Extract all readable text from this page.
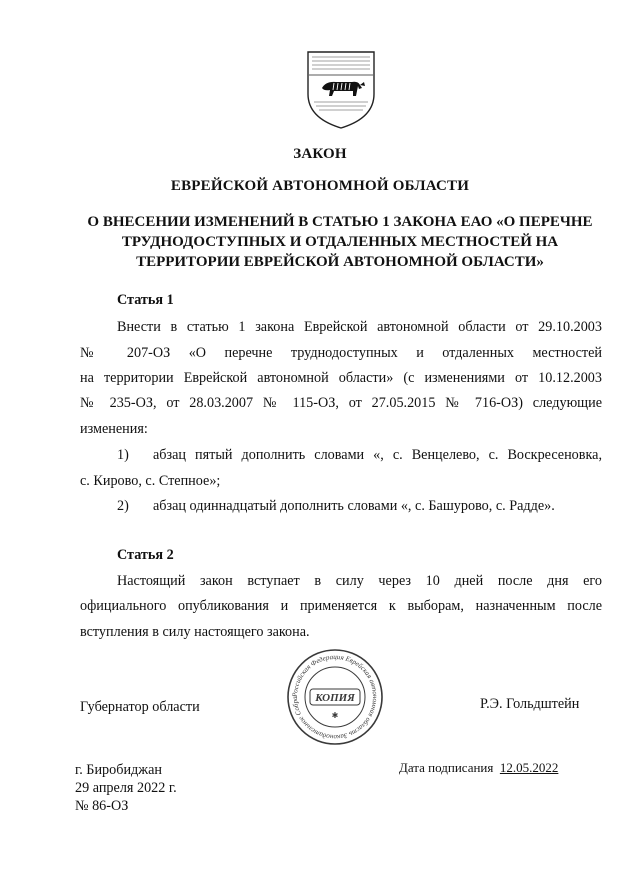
ЗАКОН
ЕВРЕЙСКОЙ АВТОНОМНОЙ ОБЛАСТИ
О ВНЕСЕНИИ ИЗМЕНЕНИЙ В СТАТЬЮ 1 ЗАКОНА ЕАО «О ПЕРЕЧНЕ
ТРУДНОДОСТУПНЫХ И ОТДАЛЕННЫХ МЕСТНОСТЕЙ НА
ТЕРРИТОРИИ ЕВРЕЙСКОЙ АВТОНОМНОЙ ОБЛАСТИ»
Статья 1
Внести в статью 1 закона Еврейской автономной области от 29.10.2003
№ 207-ОЗ «О перечне труднодоступных и отдаленных местностей
на территории Еврейской автономной области» (с изменениями от 10.12.2003
№ 235-ОЗ, от 28.03.2007 № 115-ОЗ, от 27.05.2015 № 716-ОЗ) следующие
изменения:
1) абзац пятый дополнить словами «, с. Венцелево, с. Воскресеновка,
с. Кирово, с. Степное»;
2) абзац одиннадцатый дополнить словами «, с. Башурово, с. Радде».
Статья 2
Настоящий закон вступает в силу через 10 дней после дня его
официального опубликования и применяется к выборам, назначенным после
вступления в силу настоящего закона.
Губернатор области	Р.Э. Гольдштейн
Российская Федерация Еврейская автономная область Законодательное Собра	КОПИЯ
✱
Дата подписания 12.05.2022
г. Биробиджан
29 апреля 2022 г.
№ 86-ОЗ
